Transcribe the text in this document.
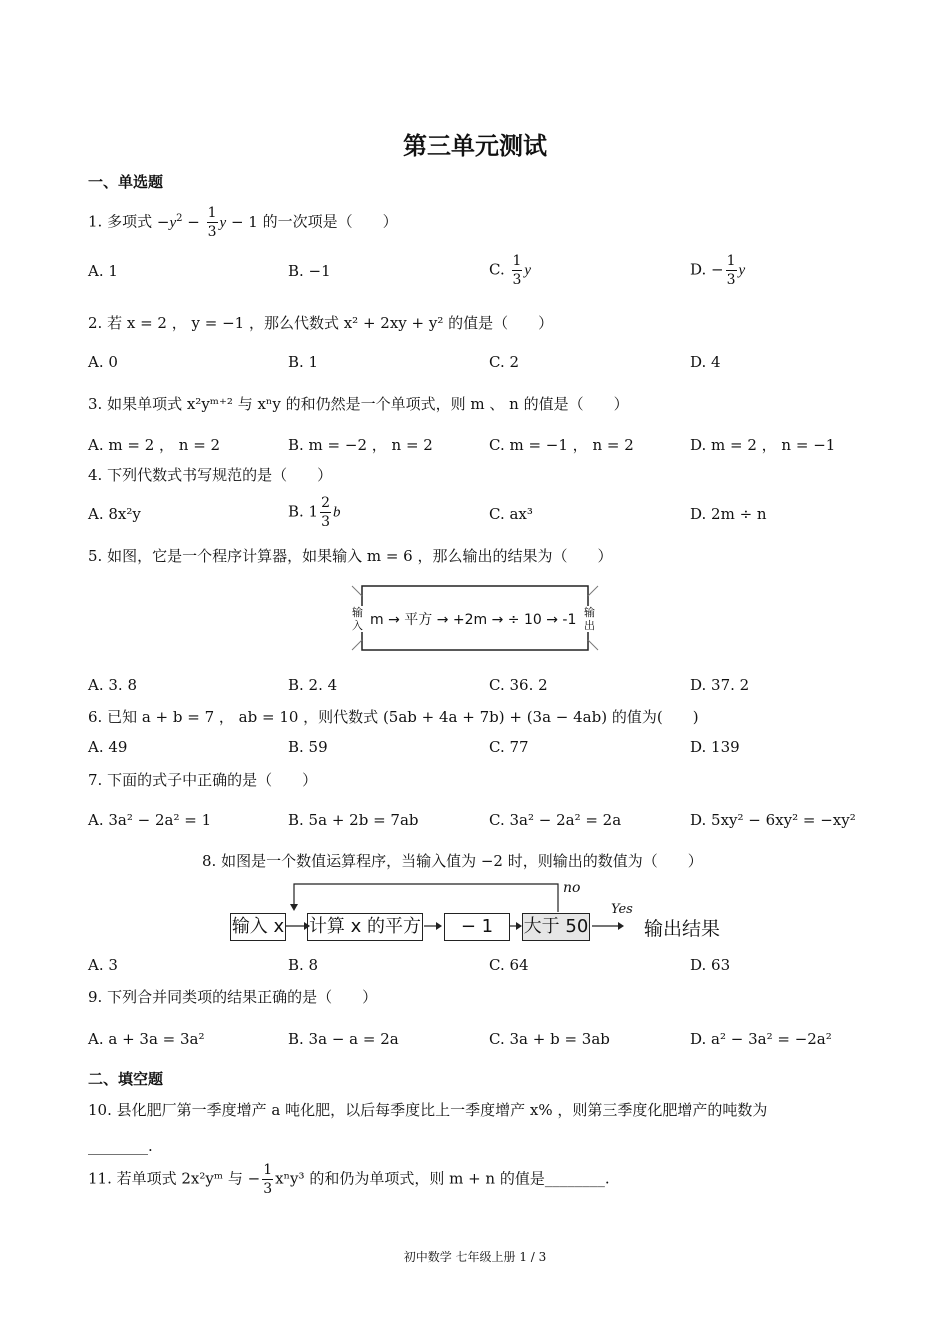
第三单元测试
一、单选题
1. 多项式 $-y^2 - \frac{1}{3}$ y − 1 的一次项是（　　）
A. 1	B. −1	C. $\frac{1}{3}$ y	D. − $\frac{1}{3}$ y
2. 若 x = 2 ， y = −1 ，那么代数式 x² + 2xy + y² 的值是（　　）
A. 0	B. 1	C. 2	D. 4
3. 如果单项式 x²yᵐ⁺² 与 xⁿy 的和仍然是一个单项式，则 m 、 n 的值是（　　）
A. m = 2 ， n = 2	B. m = −2 ， n = 2	C. m = −1 ， n = 2	D. m = 2 ， n = −1
4. 下列代数式书写规范的是（　　）
A. 8x²y	B. $1 \frac{2}{3}$ b	C. ax³	D. 2m ÷ n
5. 如图，它是一个程序计算器，如果输入 m = 6 ，那么输出的结果为（　　）
输
入 m → 平方 → +2m → ÷ 10 → -1 输
出
A. 3. 8	B. 2. 4	C. 36. 2	D. 37. 2
6. 已知 a + b = 7 ， ab = 10 ，则代数式 (5ab + 4a + 7b) + (3a − 4ab) 的值为(　　)
A. 49	B. 59	C. 77	D. 139
7. 下面的式子中正确的是（　　）
A. 3a² − 2a² = 1	B. 5a + 2b = 7ab	C. 3a² − 2a² = 2a	D. 5xy² − 6xy² = −xy²
8. 如图是一个数值运算程序，当输入值为 −2 时，则输出的数值为（　　）
输入 x 计算 x 的平方	− 1	大于 50
no
Yes
输出结果
A. 3	B. 8	C. 64	D. 63
9. 下列合并同类项的结果正确的是（　　）
A. a + 3a = 3a²	B. 3a − a = 2a	C. 3a + b = 3ab	D. a² − 3a² = −2a²
二、填空题
10. 县化肥厂第一季度增产 a 吨化肥，以后每季度比上一季度增产 x% ，则第三季度化肥增产的吨数为
________.
11. 若单项式 2x²yᵐ 与 − $\frac{1}{3} x^ny^3$ 的和仍为单项式，则 m + n 的值是________.
初中数学 七年级上册 1 / 3
